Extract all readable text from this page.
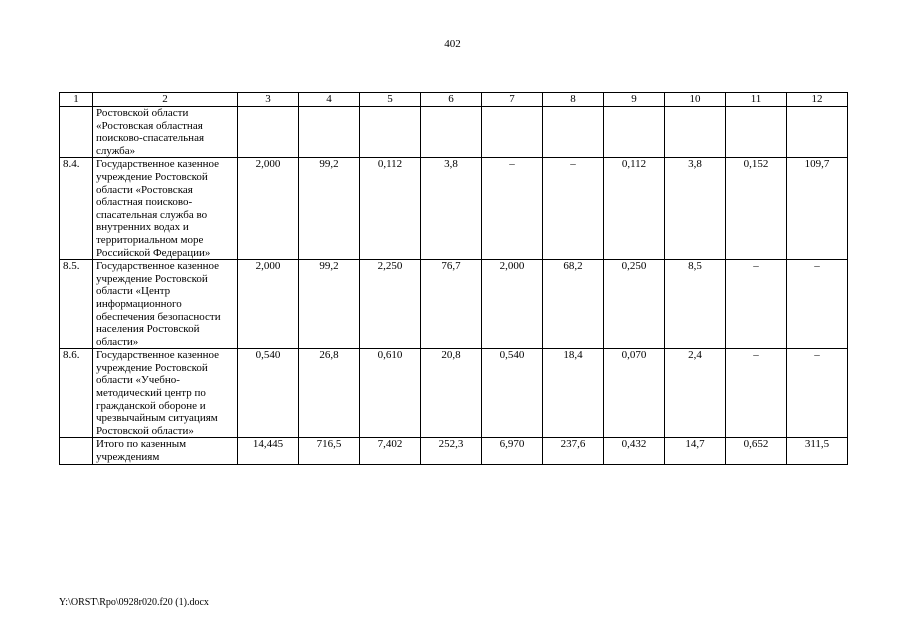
402
1	2	3	4	5	6	7	8	9	10	11	12
	Ростовской области «Ростовская областная поисково-спасательная служба»										
8.4.	Государственное казенное учреждение Ростовской области «Ростовская областная поисково-спасательная служба во внутренних водах и территориальном море Российской Федерации»	2,000	99,2	0,112	3,8	–	–	0,112	3,8	0,152	109,7
8.5.	Государственное казенное учреждение Ростовской области «Центр информационного обеспечения безопасности населения Ростовской области»	2,000	99,2	2,250	76,7	2,000	68,2	0,250	8,5	–	–
8.6.	Государственное казенное учреждение Ростовской области «Учебно-методический центр по гражданской обороне и чрезвычайным ситуациям Ростовской области»	0,540	26,8	0,610	20,8	0,540	18,4	0,070	2,4	–	–
	Итого по казенным учреждениям	14,445	716,5	7,402	252,3	6,970	237,6	0,432	14,7	0,652	311,5
Y:\ORST\Rpo\0928r020.f20 (1).docx
